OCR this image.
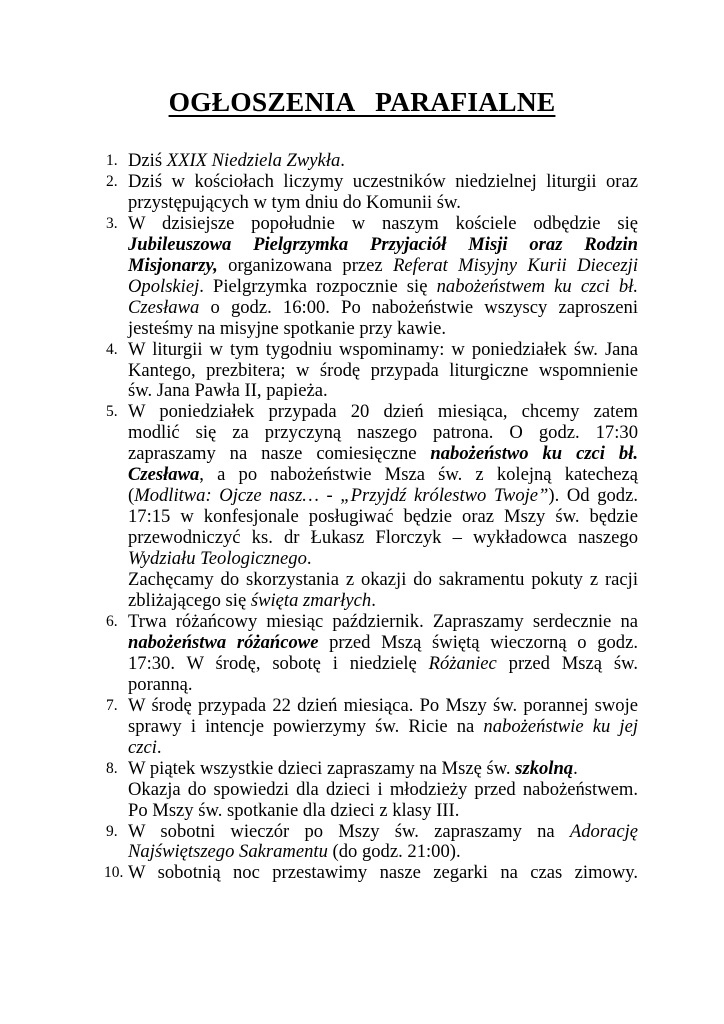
OGŁOSZENIA   PARAFIALNE
1. Dziś XXIX Niedziela Zwykła.
2. Dziś w kościołach liczymy uczestników niedzielnej liturgii oraz
przystępujących w tym dniu do Komunii św.
3. W dzisiejsze popołudnie w naszym kościele odbędzie się
Jubileuszowa Pielgrzymka Przyjaciół Misji oraz Rodzin
Misjonarzy, organizowana przez Referat Misyjny Kurii Diecezji
Opolskiej. Pielgrzymka rozpocznie się nabożeństwem ku czci bł.
Czesława o godz. 16:00. Po nabożeństwie wszyscy zaproszeni
jesteśmy na misyjne spotkanie przy kawie.
4. W liturgii w tym tygodniu wspominamy: w poniedziałek św. Jana
Kantego, prezbitera; w środę przypada liturgiczne wspomnienie
św. Jana Pawła II, papieża.
5. W poniedziałek przypada 20 dzień miesiąca, chcemy zatem
modlić się za przyczyną naszego patrona. O godz. 17:30
zapraszamy na nasze comiesięczne nabożeństwo ku czci bł.
Czesława, a po nabożeństwie Msza św. z kolejną katechezą
(Modlitwa: Ojcze nasz… - „Przyjdź królestwo Twoje”). Od godz.
17:15 w konfesjonale posługiwać będzie oraz Mszy św. będzie
przewodniczyć ks. dr Łukasz Florczyk – wykładowca naszego
Wydziału Teologicznego.
Zachęcamy do skorzystania z okazji do sakramentu pokuty z racji
zbliżającego się święta zmarłych.
6. Trwa różańcowy miesiąc październik. Zapraszamy serdecznie na
nabożeństwa różańcowe przed Mszą świętą wieczorną o godz.
17:30. W środę, sobotę i niedzielę Różaniec przed Mszą św.
poranną.
7. W środę przypada 22 dzień miesiąca. Po Mszy św. porannej swoje
sprawy i intencje powierzymy św. Ricie na nabożeństwie ku jej
czci.
8. W piątek wszystkie dzieci zapraszamy na Mszę św. szkolną.
Okazja do spowiedzi dla dzieci i młodzieży przed nabożeństwem.
Po Mszy św. spotkanie dla dzieci z klasy III.
9. W sobotni wieczór po Mszy św. zapraszamy na Adorację
Najświętszego Sakramentu (do godz. 21:00).
10. W sobotnią noc przestawimy nasze zegarki na czas zimowy.
